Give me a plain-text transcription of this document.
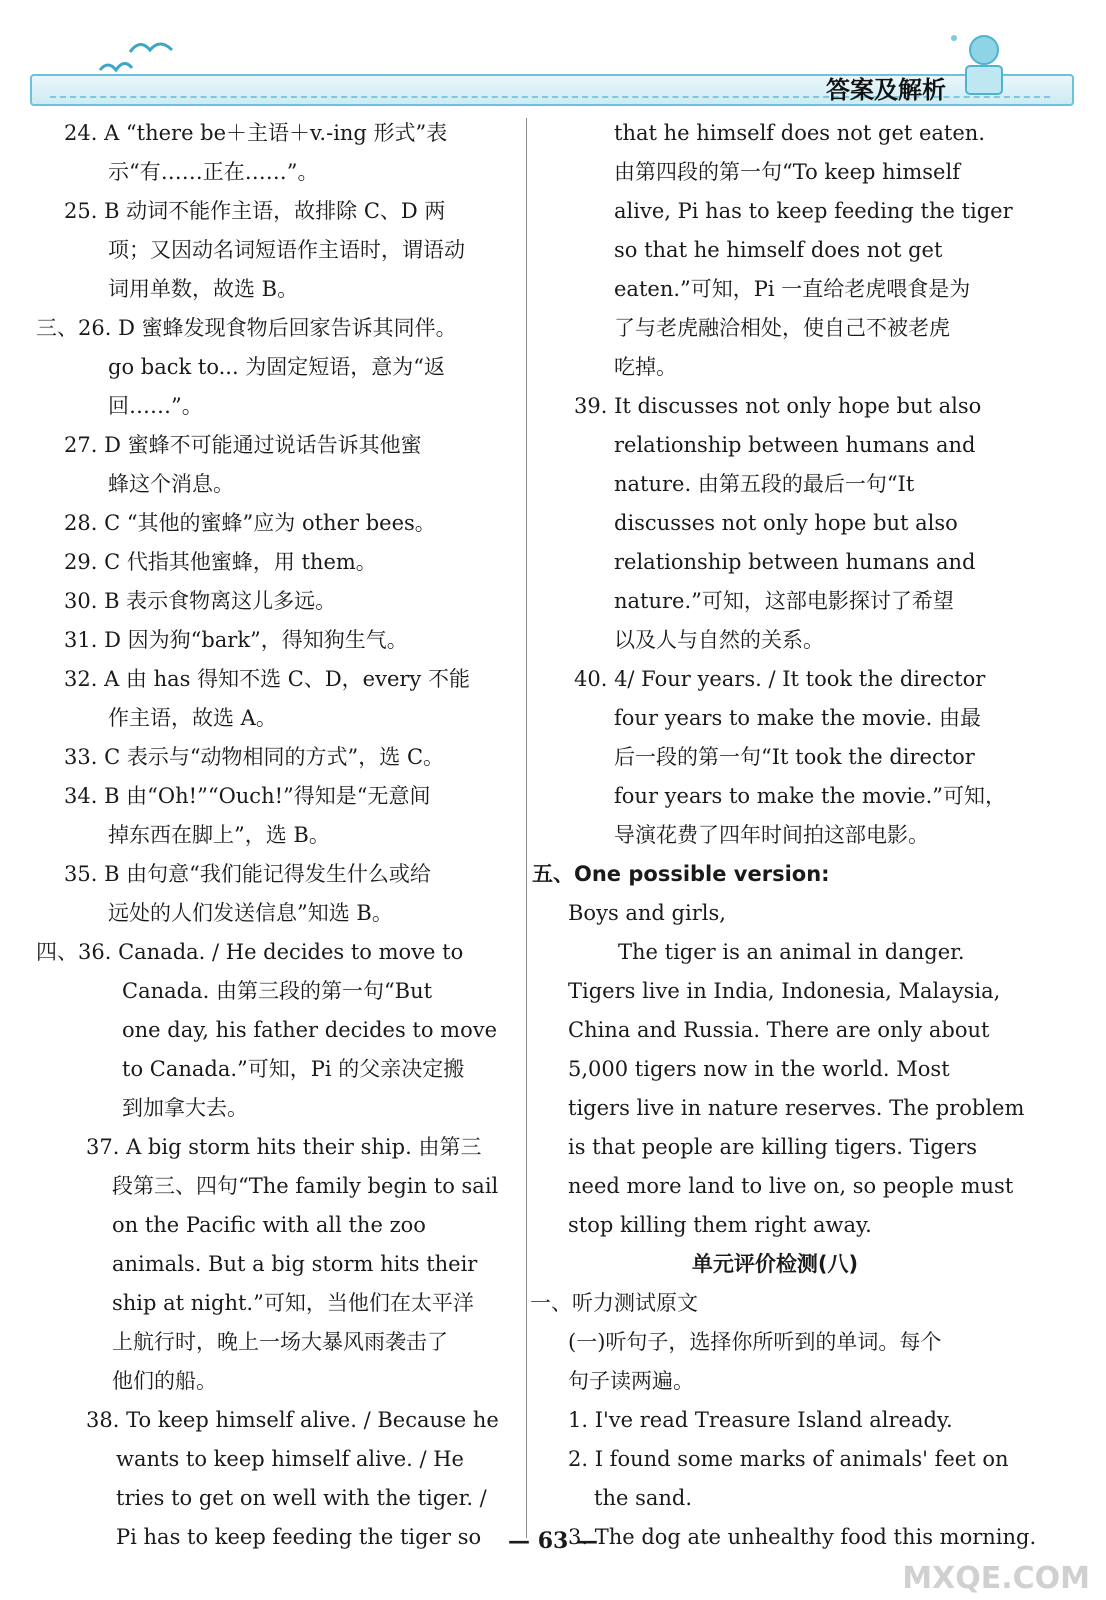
答案及解析
24. A “there be＋主语＋v.-ing 形式”表
示“有……正在……”。
25. B 动词不能作主语，故排除 C、D 两
项；又因动名词短语作主语时，谓语动
词用单数，故选 B。
三、26. D 蜜蜂发现食物后回家告诉其同伴。
go back to... 为固定短语，意为“返
回……”。
27. D 蜜蜂不可能通过说话告诉其他蜜
蜂这个消息。
28. C “其他的蜜蜂”应为 other bees。
29. C 代指其他蜜蜂，用 them。
30. B 表示食物离这儿多远。
31. D 因为狗“bark”，得知狗生气。
32. A 由 has 得知不选 C、D，every 不能
作主语，故选 A。
33. C 表示与“动物相同的方式”，选 C。
34. B 由“Oh!”“Ouch!”得知是“无意间
掉东西在脚上”，选 B。
35. B 由句意“我们能记得发生什么或给
远处的人们发送信息”知选 B。
四、36. Canada. / He decides to move to
Canada. 由第三段的第一句“But
one day, his father decides to move
to Canada.”可知，Pi 的父亲决定搬
到加拿大去。
37. A big storm hits their ship. 由第三
段第三、四句“The family begin to sail
on the Pacific with all the zoo
animals. But a big storm hits their
ship at night.”可知，当他们在太平洋
上航行时，晚上一场大暴风雨袭击了
他们的船。
38. To keep himself alive. / Because he
wants to keep himself alive. / He
tries to get on well with the tiger. /
Pi has to keep feeding the tiger so
that he himself does not get eaten.
由第四段的第一句“To keep himself
alive, Pi has to keep feeding the tiger
so that he himself does not get
eaten.”可知，Pi 一直给老虎喂食是为
了与老虎融洽相处，使自己不被老虎
吃掉。
39. It discusses not only hope but also
relationship between humans and
nature. 由第五段的最后一句“It
discusses not only hope but also
relationship between humans and
nature.”可知，这部电影探讨了希望
以及人与自然的关系。
40. 4/ Four years. / It took the director
four years to make the movie. 由最
后一段的第一句“It took the director
four years to make the movie.”可知，
导演花费了四年时间拍这部电影。
五、One possible version:
Boys and girls,
The tiger is an animal in danger.
Tigers live in India, Indonesia, Malaysia,
China and Russia. There are only about
5,000 tigers now in the world. Most
tigers live in nature reserves. The problem
is that people are killing tigers. Tigers
need more land to live on, so people must
stop killing them right away.
单元评价检测(八)
一、听力测试原文
(一)听句子，选择你所听到的单词。每个
句子读两遍。
1. I've read Treasure Island already.
2. I found some marks of animals' feet on
the sand.
3. The dog ate unhealthy food this morning.
— 63 —
MXQE.COM
